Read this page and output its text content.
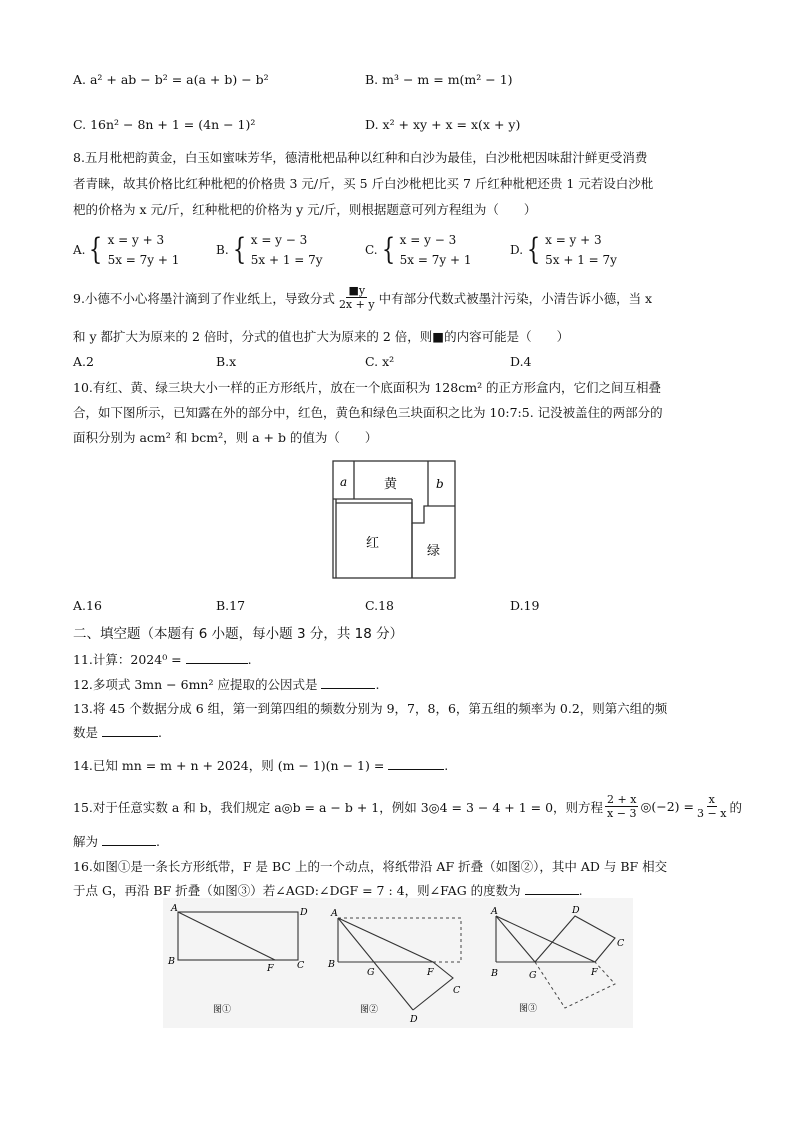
A. a² + ab − b² = a(a + b) − b²	B. m³ − m = m(m² − 1)
C. 16n² − 8n + 1 = (4n − 1)²	D. x² + xy + x = x(x + y)
8.五月枇杷韵黄金，白玉如蜜味芳华，德清枇杷品种以红种和白沙为最佳，白沙枇杷因味甜汁鲜更受消费
者青睐，故其价格比红种枇杷的价格贵 3 元/斤，买 5 斤白沙枇杷比买 7 斤红种枇杷还贵 1 元若设白沙枇
杷的价格为 x 元/斤，红种枇杷的价格为 y 元/斤，则根据题意可列方程组为（　　）
A. { x = y + 3
5x = 7y + 1
B. { x = y − 3
5x + 1 = 7y
C. { x = y − 3
5x = 7y + 1
D. { x = y + 3
5x + 1 = 7y
9.小德不小心将墨汁滴到了作业纸上，导致分式 $\frac{■y}{2x + y}$ 中有部分代数式被墨汁污染，小清告诉小德，当 x
和 y 都扩大为原来的 2 倍时，分式的值也扩大为原来的 2 倍，则■的内容可能是（　　）
A.2	B.x	C. x²	D.4
10.有红、黄、绿三块大小一样的正方形纸片，放在一个底面积为 128cm² 的正方形盒内，它们之间互相叠
合，如下图所示，已知露在外的部分中，红色，黄色和绿色三块面积之比为 10:7:5. 记没被盖住的两部分的
面积分别为 acm² 和 bcm²，则 a + b 的值为（　　）
a	黄	b
红
绿
A.16	B.17	C.18	D.19
二、填空题（本题有 6 小题，每小题 3 分，共 18 分）
11.计算：2024⁰ =	.
12.多项式 3mn − 6mn² 应提取的公因式是	.
13.将 45 个数据分成 6 组，第一到第四组的频数分别为 9，7，8，6，第五组的频率为 0.2，则第六组的频
数是	.
14.已知 mn = m + n + 2024，则 (m − 1)(n − 1) =	.
15.对于任意实数 a 和 b，我们规定 a◎b = a − b + 1，例如 3◎4 = 3 − 4 + 1 = 0，则方程 $\frac{2 + x}{x - 3}$ ◎(−2) = $\frac{x}{3 - x}$ 的
解为	.
16.如图①是一条长方形纸带，F 是 BC 上的一个动点，将纸带沿 AF 折叠（如图②），其中 AD 与 BF 相交
于点 G，再沿 BF 折叠（如图③）若∠AGD:∠DGF = 7 : 4，则∠FAG 的度数为	.
A	D
B
F C
图①
A
B
G	F
C
D
图②
A	D
C
B	G	F
图③
